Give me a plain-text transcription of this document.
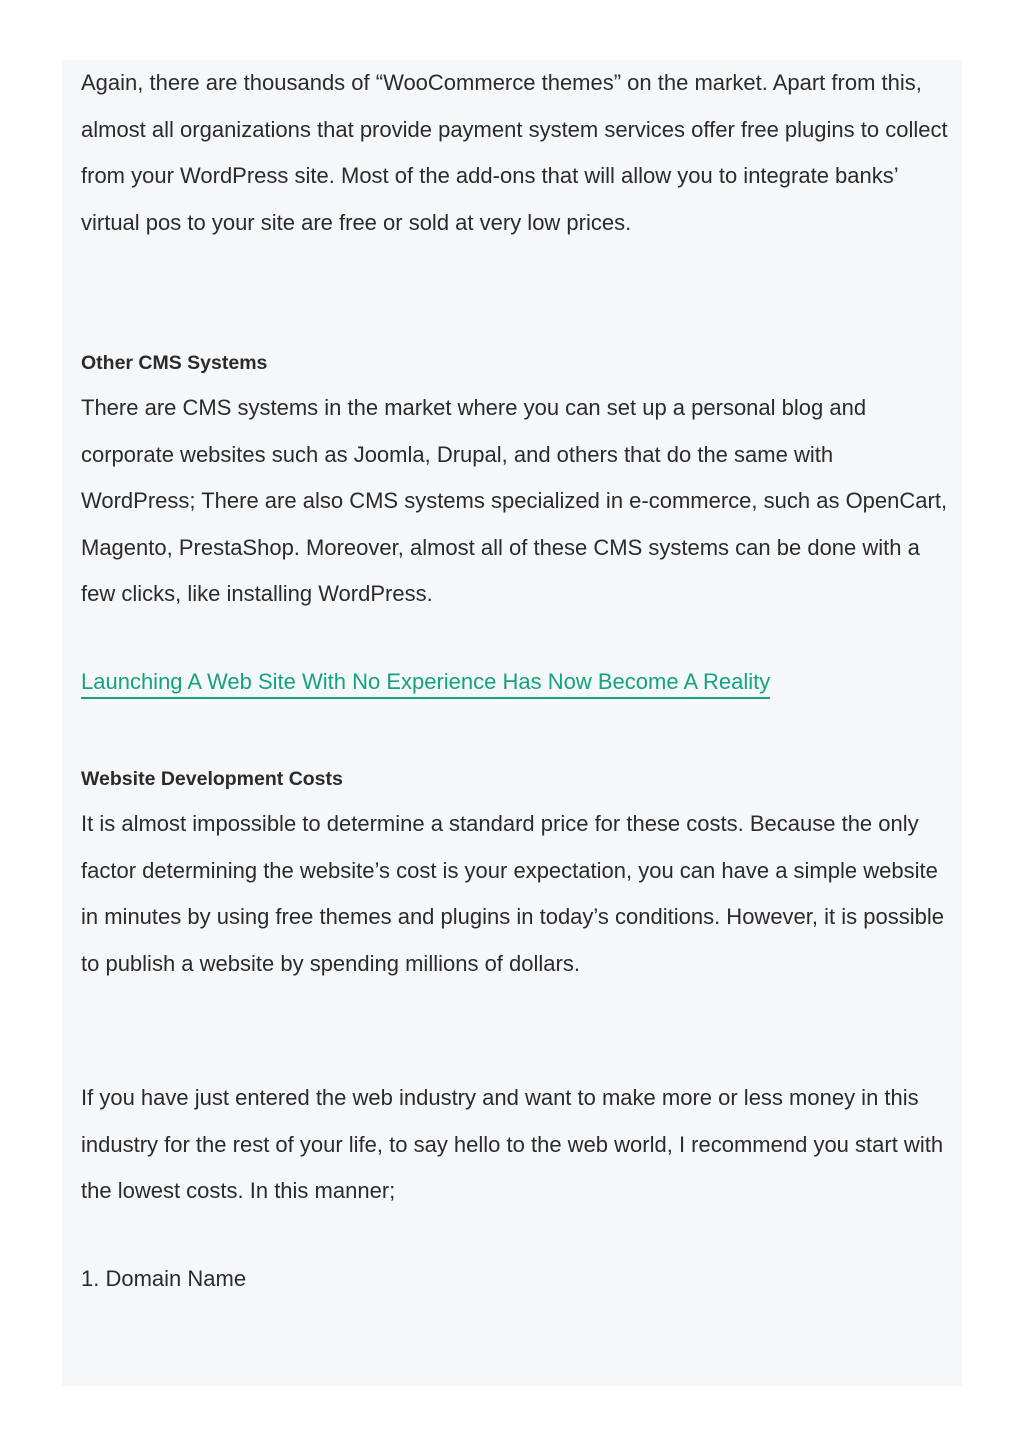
Again, there are thousands of “WooCommerce themes” on the market. Apart from this, almost all organizations that provide payment system services offer free plugins to collect from your WordPress site. Most of the add-ons that will allow you to integrate banks’ virtual pos to your site are free or sold at very low prices.

Other CMS Systems

There are CMS systems in the market where you can set up a personal blog and corporate websites such as Joomla, Drupal, and others that do the same with WordPress; There are also CMS systems specialized in e-commerce, such as OpenCart, Magento, PrestaShop. Moreover, almost all of these CMS systems can be done with a few clicks, like installing WordPress.

Launching A Web Site With No Experience Has Now Become A Reality
Website Development Costs

It is almost impossible to determine a standard price for these costs. Because the only factor determining the website’s cost is your expectation, you can have a simple website in minutes by using free themes and plugins in today’s conditions. However, it is possible to publish a website by spending millions of dollars.

If you have just entered the web industry and want to make more or less money in this industry for the rest of your life, to say hello to the web world, I recommend you start with the lowest costs. In this manner;

1. Domain Name
